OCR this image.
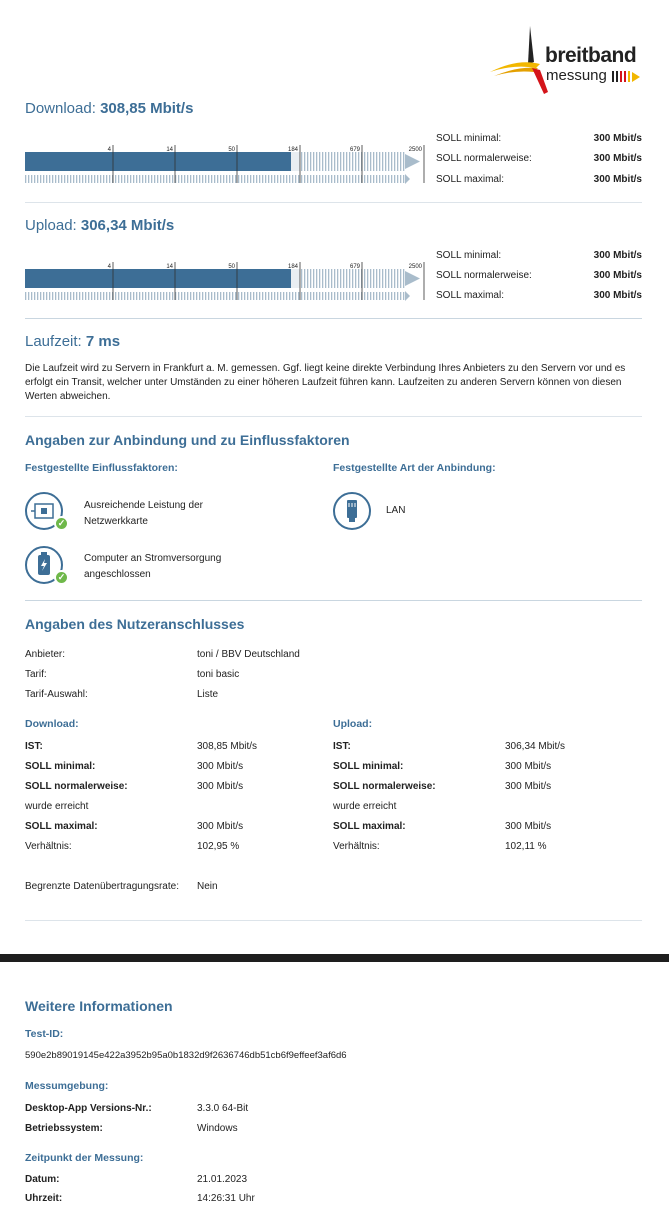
breitband
messung
Download: 308,85 Mbit/s
4	14	50	184	679	2500
SOLL minimal:	300 Mbit/s
SOLL normalerweise:	300 Mbit/s
SOLL maximal:	300 Mbit/s
Upload: 306,34 Mbit/s
4	14	50	184	679	2500
SOLL minimal:	300 Mbit/s
SOLL normalerweise:	300 Mbit/s
SOLL maximal:	300 Mbit/s
Laufzeit: 7 ms
Die Laufzeit wird zu Servern in Frankfurt a. M. gemessen. Ggf. liegt keine direkte Verbindung Ihres Anbieters zu den Servern vor und es erfolgt ein Transit, welcher unter Umständen zu einer höheren Laufzeit führen kann. Laufzeiten zu anderen Servern können von diesen Werten abweichen.
Angaben zur Anbindung und zu Einflussfaktoren
Festgestellte Einflussfaktoren:	Festgestellte Art der Anbindung:
✓
Ausreichende Leistung der
Netzwerkkarte
✓
Computer an Stromversorgung
angeschlossen
LAN
Angaben des Nutzeranschlusses
Anbieter:	toni / BBV Deutschland
Tarif:	toni basic
Tarif-Auswahl:	Liste
Download:
IST:	308,85 Mbit/s
SOLL minimal:	300 Mbit/s
SOLL normalerweise:	300 Mbit/s
wurde erreicht
SOLL maximal:	300 Mbit/s
Verhältnis:	102,95 %
Upload:
IST:	306,34 Mbit/s
SOLL minimal:	300 Mbit/s
SOLL normalerweise:	300 Mbit/s
wurde erreicht
SOLL maximal:	300 Mbit/s
Verhältnis:	102,11 %
Begrenzte Datenübertragungsrate: Nein
Weitere Informationen
Test-ID:
590e2b89019145e422a3952b95a0b1832d9f2636746db51cb6f9effeef3af6d6
Messumgebung:
Desktop-App Versions-Nr.:	3.3.0 64-Bit
Betriebssystem:	Windows
Zeitpunkt der Messung:
Datum:	21.01.2023
Uhrzeit:	14:26:31 Uhr
